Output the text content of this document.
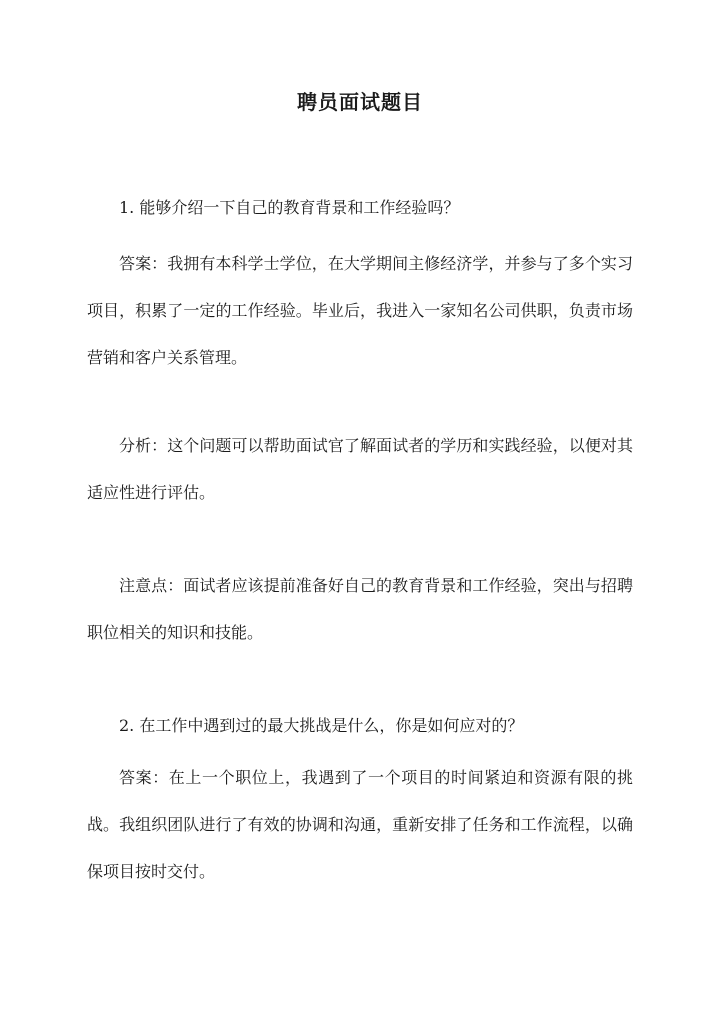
聘员面试题目

1. 能够介绍一下自己的教育背景和工作经验吗？

答案：我拥有本科学士学位，在大学期间主修经济学，并参与了多个实习项目，积累了一定的工作经验。毕业后，我进入一家知名公司供职，负责市场营销和客户关系管理。

分析：这个问题可以帮助面试官了解面试者的学历和实践经验，以便对其适应性进行评估。

注意点：面试者应该提前准备好自己的教育背景和工作经验，突出与招聘职位相关的知识和技能。

2. 在工作中遇到过的最大挑战是什么，你是如何应对的？

答案：在上一个职位上，我遇到了一个项目的时间紧迫和资源有限的挑战。我组织团队进行了有效的协调和沟通，重新安排了任务和工作流程，以确保项目按时交付。
